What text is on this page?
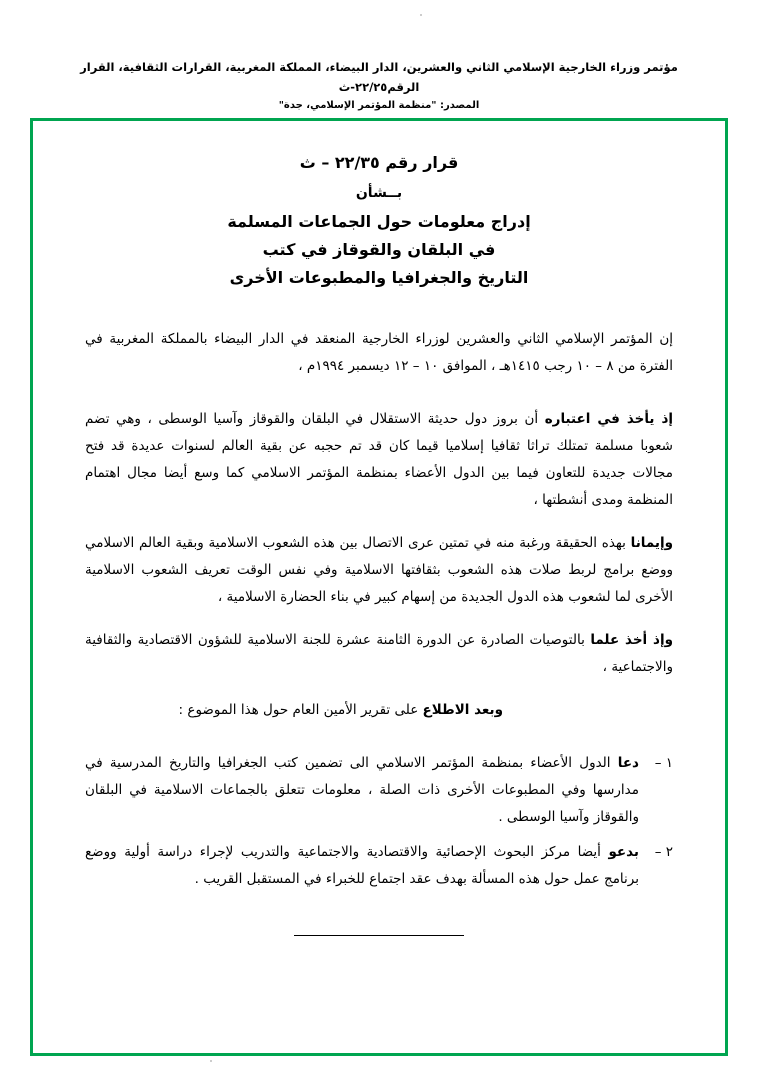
مؤتمر وزراء الخارجية الإسلامي الثاني والعشرين، الدار البيضاء، المملكة المغربية، القرارات الثقافية، القرار الرقم٢٢/٢٥-ث
المصدر: "منظمة المؤتمر الإسلامي، جدة"
قرار رقم ٢٢/٣٥ – ث
بــشأن
إدراج معلومات حول الجماعات المسلمة
في البلقان والقوقاز في كتب
التاريخ والجغرافيا والمطبوعات الأخرى

إن المؤتمر الإسلامي الثاني والعشرين لوزراء الخارجية المنعقد في الدار البيضاء بالمملكة المغربية في الفترة من ٨ – ١٠ رجب ١٤١٥هـ ، الموافق ١٠ – ١٢ ديسمبر ١٩٩٤م ،

إذ يأخذ في اعتباره أن بروز دول حديثة الاستقلال في البلقان والقوقاز وآسيا الوسطى ، وهي تضم شعوبا مسلمة تمتلك تراثا ثقافيا إسلاميا قيما كان قد تم حجبه عن بقية العالم لسنوات عديدة قد فتح مجالات جديدة للتعاون فيما بين الدول الأعضاء بمنظمة المؤتمر الاسلامي كما وسع أيضا مجال اهتمام المنظمة ومدى أنشطتها ،

وإيمانا بهذه الحقيقة ورغبة منه في تمتين عرى الاتصال بين هذه الشعوب الاسلامية وبقية العالم الاسلامي ووضع برامج لربط صلات هذه الشعوب بثقافتها الاسلامية وفي نفس الوقت تعريف الشعوب الاسلامية الأخرى لما لشعوب هذه الدول الجديدة من إسهام كبير في بناء الحضارة الاسلامية ،

وإذ أخذ علما بالتوصيات الصادرة عن الدورة الثامنة عشرة للجنة الاسلامية للشؤون الاقتصادية والثقافية والاجتماعية ،

وبعد الاطلاع على تقرير الأمين العام حول هذا الموضوع :

١ –
دعا الدول الأعضاء بمنظمة المؤتمر الاسلامي الى تضمين كتب الجغرافيا والتاريخ المدرسية في مدارسها وفي المطبوعات الأخرى ذات الصلة ، معلومات تتعلق بالجماعات الاسلامية في البلقان والقوقاز وآسيا الوسطى .
٢ –
بدعو أيضا مركز البحوث الإحصائية والاقتصادية والاجتماعية والتدريب لإجراء دراسة أولية ووضع برنامج عمل حول هذه المسألة بهدف عقد اجتماع للخبراء في المستقبل القريب .
